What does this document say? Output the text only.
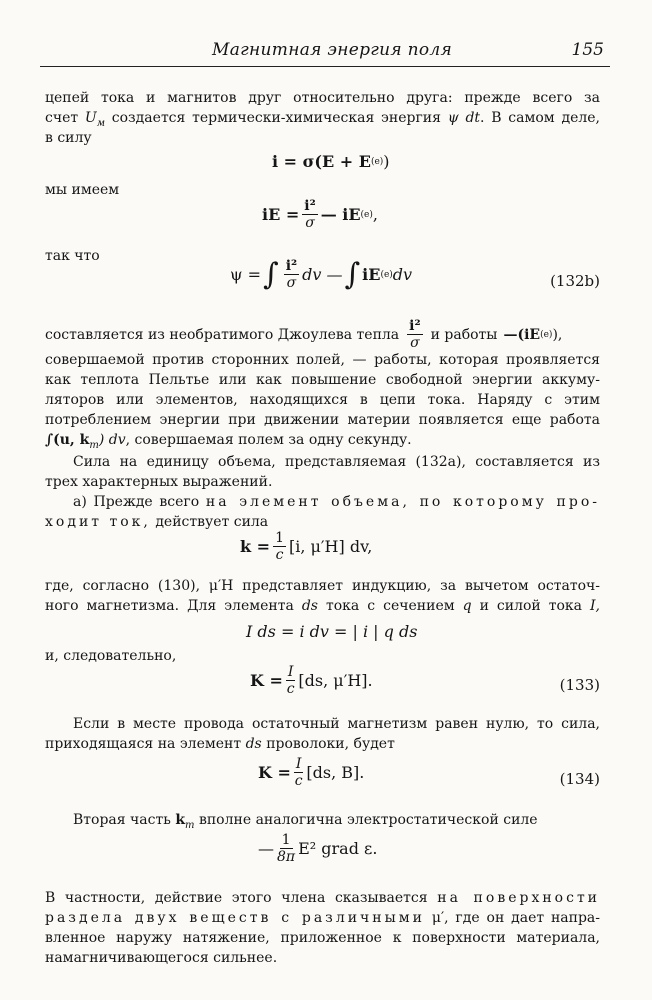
Магнитная энергия поля	155
цепей тока и магнитов друг относительно друга: прежде всего за
счет $U_м$ создается термически-химическая энергия ψ dt. В самом деле,
в силу
i = σ(E + E (e) )
мы имеем
iE = $\frac{\text{i²}}{\sigma}$ — iE (e) ,
так что
ψ = ∫ $\frac{\text{i²}}{\sigma}$ dv — ∫ iE (e) dv	(132b)
составляется из необратимого Джоулева тепла $\frac{\text{i²}}{\sigma}$ и работы —(iE (e) ),
совершаемой против сторонних полей, — работы, которая проявляется
как теплота Пельтье или как повышение свободной энергии аккуму-
ляторов или элементов, находящихся в цепи тока. Наряду с этим
потреблением энергии при движении материи появляется еще работа
∫(u, $k_m$) dv, совершаемая полем за одну секунду.
Сила на единицу объема, представляемая (132a), составляется из
трех характерных выражений.
a) Прежде всего на элемент объема, по которому про-
ходит ток, действует сила
$k = \frac{1}{c} [i$, μ′H] dv,
где, согласно (130), μ′H представляет индукцию, за вычетом остаточ-
ного магнетизма. Для элемента ds тока с сечением q и силой тока I,
I ds = i dv = | i | q ds
и, следовательно,
$K = \frac{I}{c} [ds$, μ′H].	(133)
Если в месте провода остаточный магнетизм равен нулю, то сила,
приходящаяся на элемент ds проволоки, будет
$K = \frac{I}{c} [ds$, B].	(134)
Вторая часть $k_m$ вполне аналогична электростатической силе
— $\frac{1}{8\pi} E^2$ grad ε.
В частности, действие этого члена сказывается на поверхности
раздела двух веществ с различными μ′, где он дает напра-
вленное наружу натяжение, приложенное к поверхности материала,
намагничивающегося сильнее.
